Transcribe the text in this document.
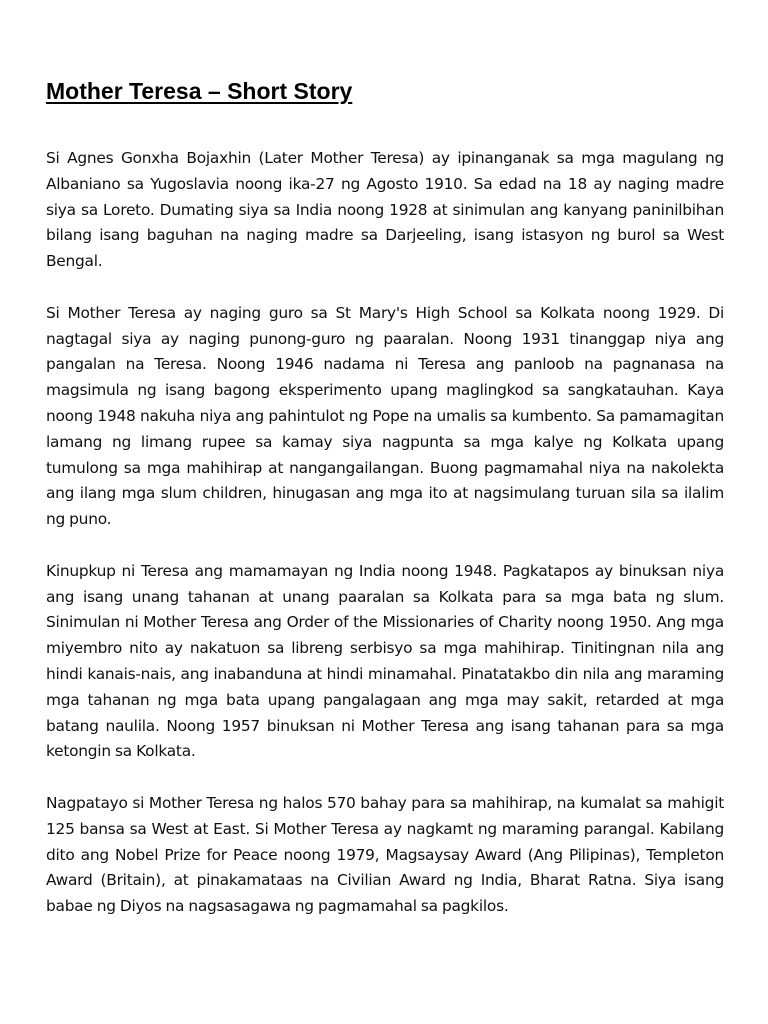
Mother Teresa – Short Story

Si Agnes Gonxha Bojaxhin (Later Mother Teresa) ay ipinanganak sa mga magulang ng Albaniano sa Yugoslavia noong ika-27 ng Agosto 1910. Sa edad na 18 ay naging madre siya sa Loreto. Dumating siya sa India noong 1928 at sinimulan ang kanyang paninilbihan bilang isang baguhan na naging madre sa Darjeeling, isang istasyon ng burol sa West Bengal.

Si Mother Teresa ay naging guro sa St Mary's High School sa Kolkata noong 1929. Di nagtagal siya ay naging punong-guro ng paaralan. Noong 1931 tinanggap niya ang pangalan na Teresa. Noong 1946 nadama ni Teresa ang panloob na pagnanasa na magsimula ng isang bagong eksperimento upang maglingkod sa sangkatauhan. Kaya noong 1948 nakuha niya ang pahintulot ng Pope na umalis sa kumbento. Sa pamamagitan lamang ng limang rupee sa kamay siya nagpunta sa mga kalye ng Kolkata upang tumulong sa mga mahihirap at nangangailangan. Buong pagmamahal niya na nakolekta ang ilang mga slum children, hinugasan ang mga ito at nagsimulang turuan sila sa ilalim ng puno.

Kinupkup ni Teresa ang mamamayan ng India noong 1948. Pagkatapos ay binuksan niya ang isang unang tahanan at unang paaralan sa Kolkata para sa mga bata ng slum. Sinimulan ni Mother Teresa ang Order of the Missionaries of Charity noong 1950. Ang mga miyembro nito ay nakatuon sa libreng serbisyo sa mga mahihirap. Tinitingnan nila ang hindi kanais-nais, ang inabanduna at hindi minamahal. Pinatatakbo din nila ang maraming mga tahanan ng mga bata upang pangalagaan ang mga may sakit, retarded at mga batang naulila. Noong 1957 binuksan ni Mother Teresa ang isang tahanan para sa mga ketongin sa Kolkata.

Nagpatayo si Mother Teresa ng halos 570 bahay para sa mahihirap, na kumalat sa mahigit 125 bansa sa West at East. Si Mother Teresa ay nagkamt ng maraming parangal. Kabilang dito ang Nobel Prize for Peace noong 1979, Magsaysay Award (Ang Pilipinas), Templeton Award (Britain), at pinakamataas na Civilian Award ng India, Bharat Ratna. Siya isang babae ng Diyos na nagsasagawa ng pagmamahal sa pagkilos.
